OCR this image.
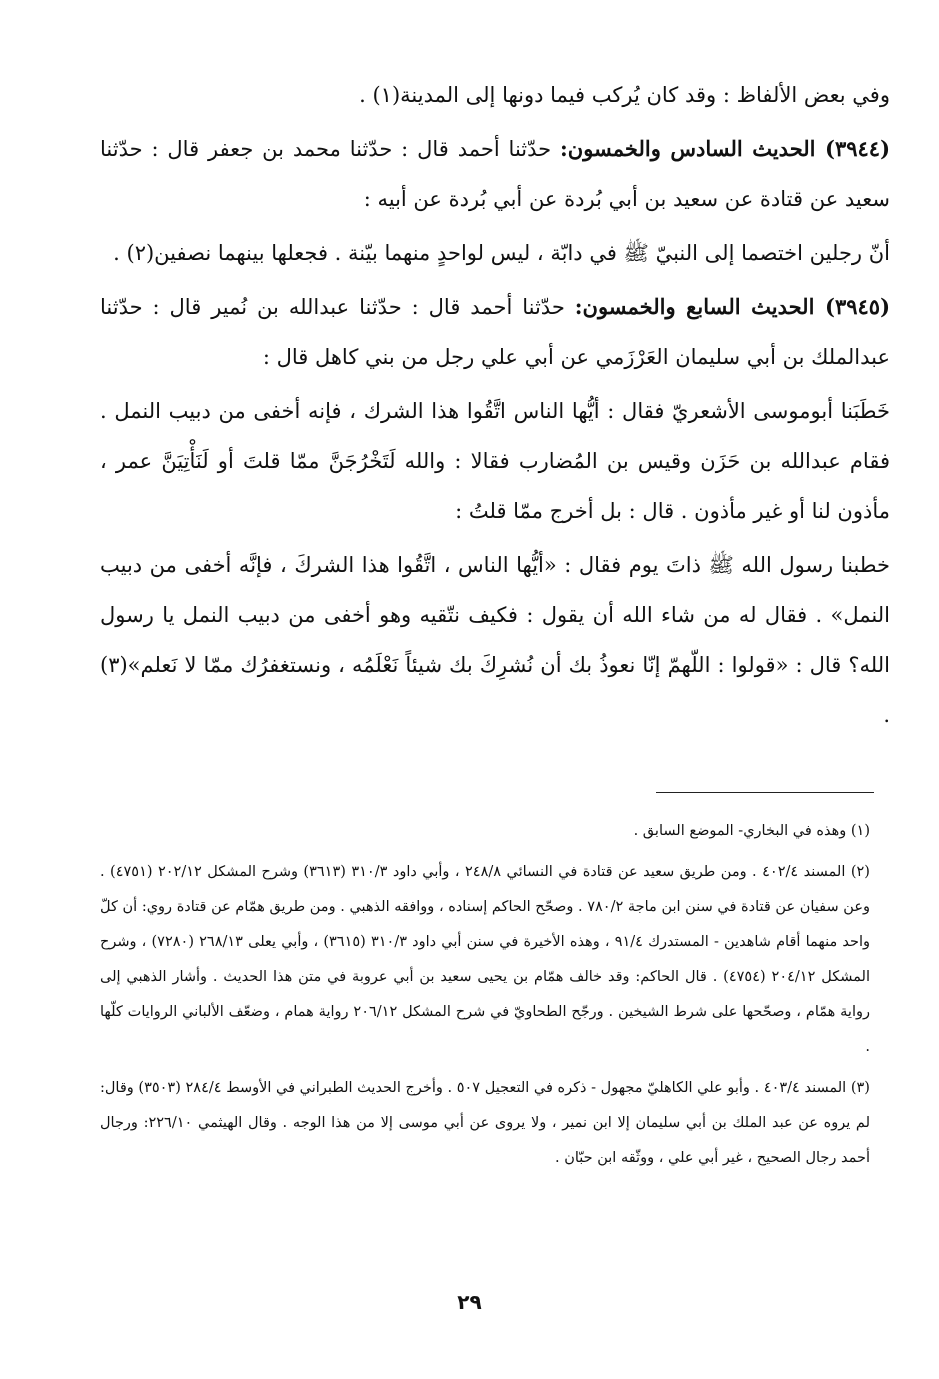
وفي بعض الألفاظ : وقد كان يُركب فيما دونها إلى المدينة(١) .

(٣٩٤٤) الحديث السادس والخمسون: حدّثنا أحمد قال : حدّثنا محمد بن جعفر قال : حدّثنا سعيد عن قتادة عن سعيد بن أبي بُردة عن أبي بُردة عن أبيه :

أنّ رجلين اختصما إلى النبيّ ﷺ في دابّة ، ليس لواحدٍ منهما بيّنة . فجعلها بينهما نصفين(٢) .

(٣٩٤٥) الحديث السابع والخمسون: حدّثنا أحمد قال : حدّثنا عبدالله بن نُمير قال : حدّثنا عبدالملك بن أبي سليمان العَرْزَمي عن أبي علي رجل من بني كاهل قال :

خَطَبَنا أبوموسى الأشعريّ فقال : أيُّها الناس اتَّقُوا هذا الشرك ، فإنه أخفى من دبيب النمل . فقام عبدالله بن حَزَن وقيس بن المُضارب فقالا : والله لَتَخْرُجَنَّ ممّا قلتَ أو لَنَأْتِيَنَّ عمر ، مأذون لنا أو غير مأذون . قال : بل أخرج ممّا قلتُ :

خطبنا رسول الله ﷺ ذاتَ يوم فقال : «أيُّها الناس ، اتَّقُوا هذا الشركَ ، فإنَّه أخفى من دبيب النمل» . فقال له من شاء الله أن يقول : فكيف نتّقيه وهو أخفى من دبيب النمل يا رسول الله؟ قال : «قولوا : اللّهمّ إنّا نعوذُ بك أن نُشرِكَ بك شيئاً نَعْلَمُه ، ونستغفرُك ممّا لا نَعلم»(٣) .

(١) وهذه في البخاري- الموضع السابق .

(٢) المسند ٤٠٢/٤ . ومن طريق سعيد عن قتادة في النسائي ٢٤٨/٨ ، وأبي داود ٣١٠/٣ (٣٦١٣) وشرح المشكل ٢٠٢/١٢ (٤٧٥١) . وعن سفيان عن قتادة في سنن ابن ماجة ٧٨٠/٢ . وصحّح الحاكم إسناده ، ووافقه الذهبي . ومن طريق همّام عن قتادة روي: أن كلّ واحد منهما أقام شاهدين - المستدرك ٩١/٤ ، وهذه الأخيرة في سنن أبي داود ٣١٠/٣ (٣٦١٥) ، وأبي يعلى ٢٦٨/١٣ (٧٢٨٠) ، وشرح المشكل ٢٠٤/١٢ (٤٧٥٤) . قال الحاكم: وقد خالف همّام بن يحيى سعيد بن أبي عروبة في متن هذا الحديث . وأشار الذهبي إلى رواية همّام ، وصحّحها على شرط الشيخين . ورجّح الطحاويّ في شرح المشكل ٢٠٦/١٢ رواية همام ، وضعّف الألباني الروايات كلّها .

(٣) المسند ٤٠٣/٤ . وأبو علي الكاهليّ مجهول - ذكره في التعجيل ٥٠٧ . وأخرج الحديث الطبراني في الأوسط ٢٨٤/٤ (٣٥٠٣) وقال: لم يروه عن عبد الملك بن أبي سليمان إلا ابن نمير ، ولا يروى عن أبي موسى إلا من هذا الوجه . وقال الهيثمي ٢٢٦/١٠: ورجال أحمد رجال الصحيح ، غير أبي علي ، ووثّقه ابن حبّان .

٢٩
